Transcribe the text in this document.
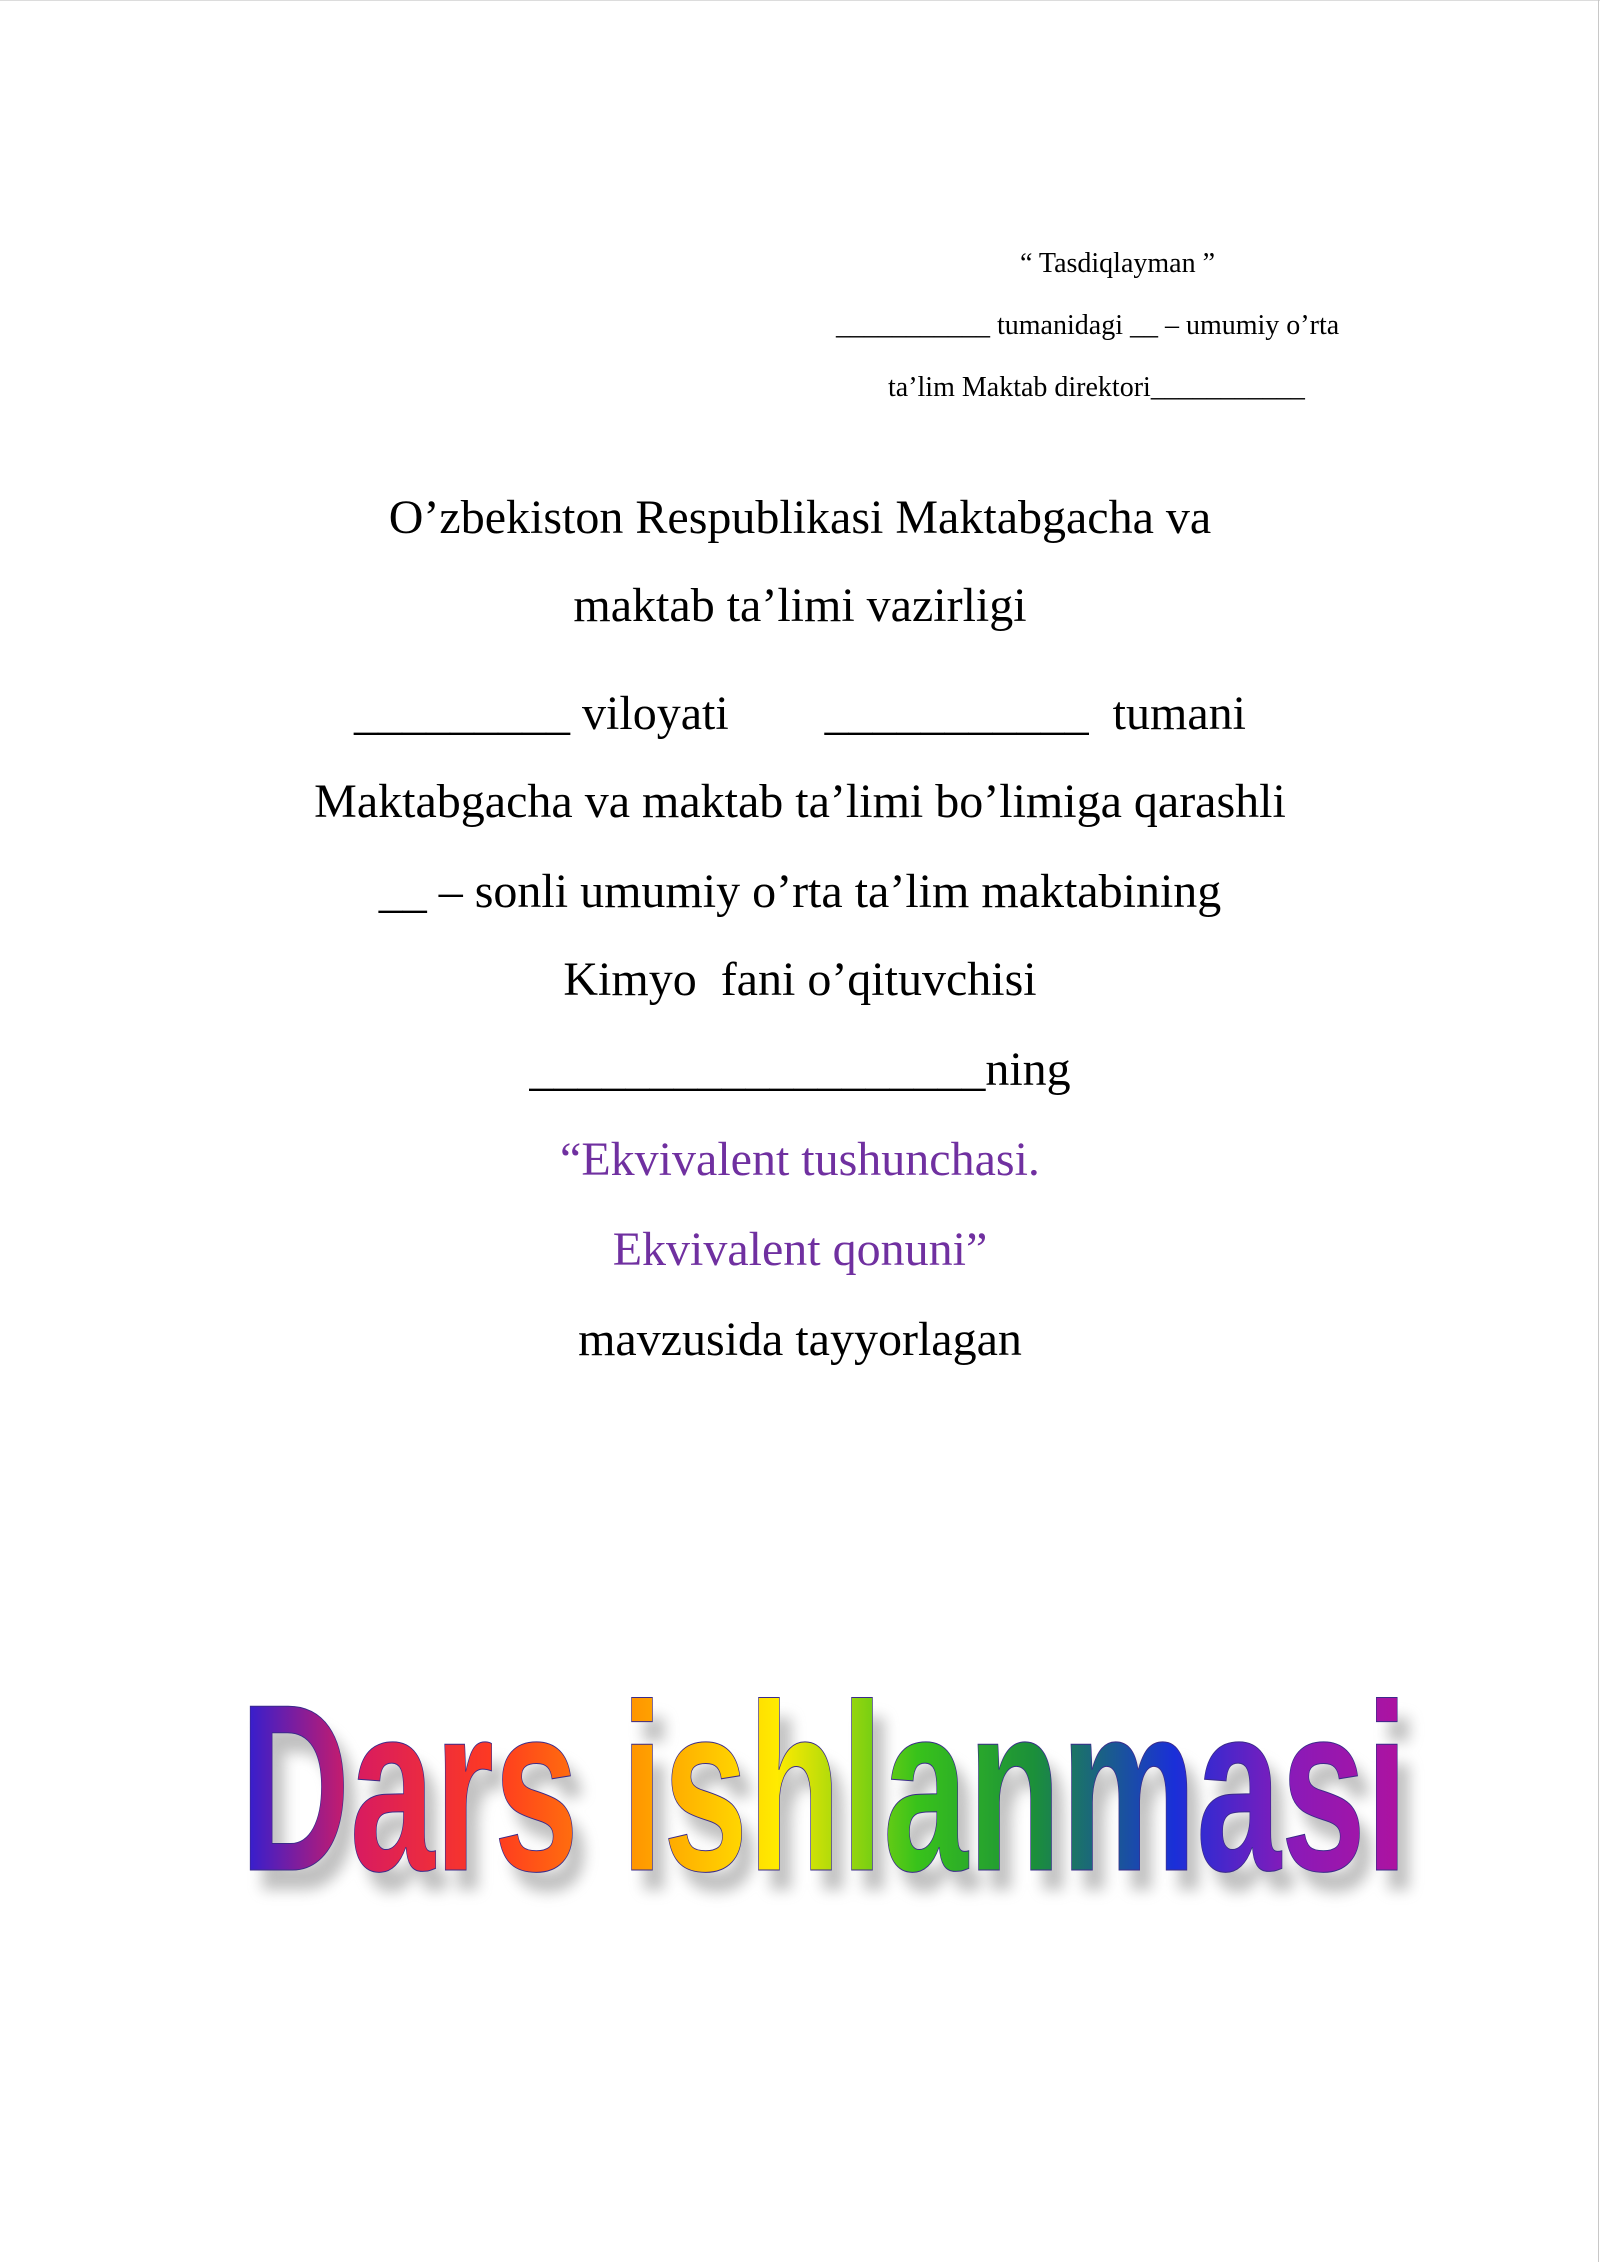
“ Tasdiqlayman ”
___________ tumanidagi __ – umumiy o’rta
ta’lim Maktab direktori___________
O’zbekiston Respublikasi Maktabgacha va
maktab ta’limi vazirligi
_________ viloyati        ___________  tumani
Maktabgacha va maktab ta’limi bo’limiga qarashli
__ – sonli umumiy o’rta ta’lim maktabining
Kimyo  fani o’qituvchisi
___________________ning
“Ekvivalent tushunchasi.
Ekvivalent qonuni”
mavzusida tayyorlagan
Dars ishlanmasi
Dars ishlanmasi
